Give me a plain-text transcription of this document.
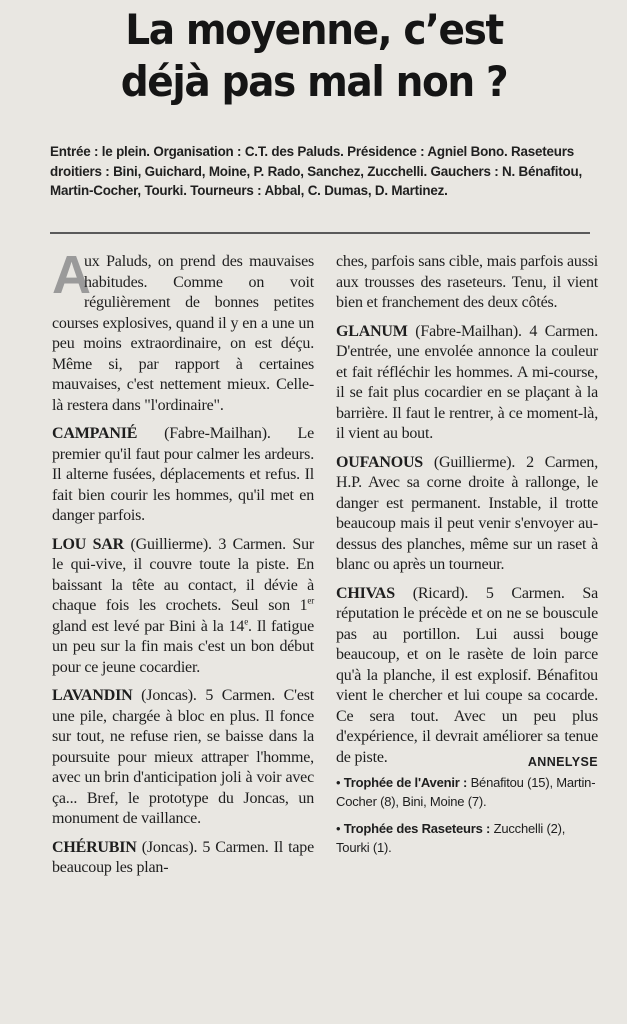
La moyenne, c’est
déjà pas mal non ?

Entrée : le plein. Organisation : C.T. des Paluds. Présidence : Agniel Bono. Raseteurs droitiers : Bini, Guichard, Moine, P. Rado, Sanchez, Zucchelli. Gauchers : N. Bénafitou, Martin-Cocher, Tourki. Tourneurs : Abbal, C. Dumas, D. Martinez.

A
ux Paluds, on prend des mauvaises habitudes. Comme on voit régulièrement de bonnes petites courses explosives, quand il y en a une un peu moins extraordinaire, on est déçu. Même si, par rapport à certaines mauvaises, c'est nettement mieux. Celle-là restera dans "l'ordinaire".

CAMPANIÉ (Fabre-Mailhan). Le premier qu'il faut pour calmer les ardeurs. Il alterne fusées, déplacements et refus. Il fait bien courir les hommes, qu'il met en danger parfois.

LOU SAR (Guillierme). 3 Carmen. Sur le qui-vive, il couvre toute la piste. En baissant la tête au contact, il dévie à chaque fois les crochets. Seul son 1er gland est levé par Bini à la 14e. Il fatigue un peu sur la fin mais c'est un bon début pour ce jeune cocardier.

LAVANDIN (Joncas). 5 Carmen. C'est une pile, chargée à bloc en plus. Il fonce sur tout, ne refuse rien, se baisse dans la poursuite pour mieux attraper l'homme, avec un brin d'anticipation joli à voir avec ça... Bref, le prototype du Joncas, un monument de vaillance.

CHÉRUBIN (Joncas). 5 Carmen. Il tape beaucoup les plan-

ches, parfois sans cible, mais parfois aussi aux trousses des raseteurs. Tenu, il vient bien et franchement des deux côtés.

GLANUM (Fabre-Mailhan). 4 Carmen. D'entrée, une envolée annonce la couleur et fait réfléchir les hommes. A mi-course, il se fait plus cocardier en se plaçant à la barrière. Il faut le rentrer, à ce moment-là, il vient au bout.

OUFANOUS (Guillierme). 2 Carmen, H.P. Avec sa corne droite à rallonge, le danger est permanent. Instable, il trotte beaucoup mais il peut venir s'envoyer au-dessus des planches, même sur un raset à blanc ou après un tourneur.

CHIVAS (Ricard). 5 Carmen. Sa réputation le précède et on ne se bouscule pas au portillon. Lui aussi bouge beaucoup, et on le rasète de loin parce qu'à la planche, il est explosif. Bénafitou vient le chercher et lui coupe sa cocarde. Ce sera tout. Avec un peu plus d'expérience, il devrait améliorer sa tenue de piste.	ANNELYSE

• Trophée de l'Avenir : Bénafitou (15), Martin-Cocher (8), Bini, Moine (7).

• Trophée des Raseteurs : Zucchelli (2), Tourki (1).
